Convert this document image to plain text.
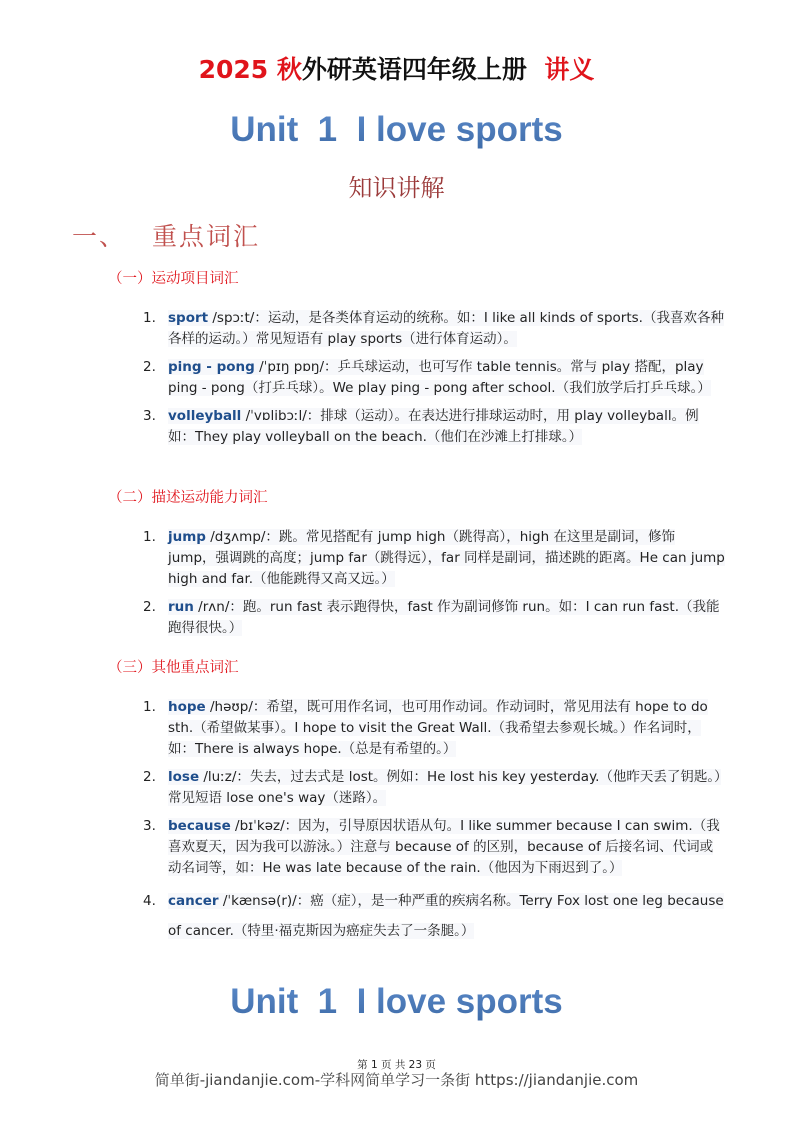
2025 秋外研英语四年级上册 讲义
Unit  1  I love sports
知识讲解
一、 重点词汇
（一）运动项目词汇
1. sport /spɔːt/：运动，是各类体育运动的统称。如：I like all kinds of sports.（我喜欢各种各样的运动。）常见短语有 play sports（进行体育运动）。
2. ping - pong /ˈpɪŋ pɒŋ/：乒乓球运动，也可写作 table tennis。常与 play 搭配，play ping - pong（打乒乓球）。We play ping - pong after school.（我们放学后打乒乓球。）
3. volleyball /ˈvɒlibɔːl/：排球（运动）。在表达进行排球运动时，用 play volleyball。例如：They play volleyball on the beach.（他们在沙滩上打排球。）
（二）描述运动能力词汇
1. jump /dʒʌmp/：跳。常见搭配有 jump high（跳得高），high 在这里是副词，修饰 jump，强调跳的高度；jump far（跳得远），far 同样是副词，描述跳的距离。He can jump high and far.（他能跳得又高又远。）
2. run /rʌn/：跑。run fast 表示跑得快，fast 作为副词修饰 run。如：I can run fast.（我能跑得很快。）
（三）其他重点词汇
1. hope /həʊp/：希望，既可用作名词，也可用作动词。作动词时，常见用法有 hope to do sth.（希望做某事）。I hope to visit the Great Wall.（我希望去参观长城。）作名词时，如：There is always hope.（总是有希望的。）
2. lose /luːz/：失去，过去式是 lost。例如：He lost his key yesterday.（他昨天丢了钥匙。）常见短语 lose one's way（迷路）。
3. because /bɪˈkəz/：因为，引导原因状语从句。I like summer because I can swim.（我喜欢夏天，因为我可以游泳。）注意与 because of 的区别，because of 后接名词、代词或动名词等，如：He was late because of the rain.（他因为下雨迟到了。）
4. cancer /ˈkænsə(r)/：癌（症），是一种严重的疾病名称。Terry Fox lost one leg because of cancer.（特里·福克斯因为癌症失去了一条腿。）
Unit  1  I love sports
第 1 页 共 23 页
简单街-jiandanjie.com-学科网简单学习一条街 https://jiandanjie.com
